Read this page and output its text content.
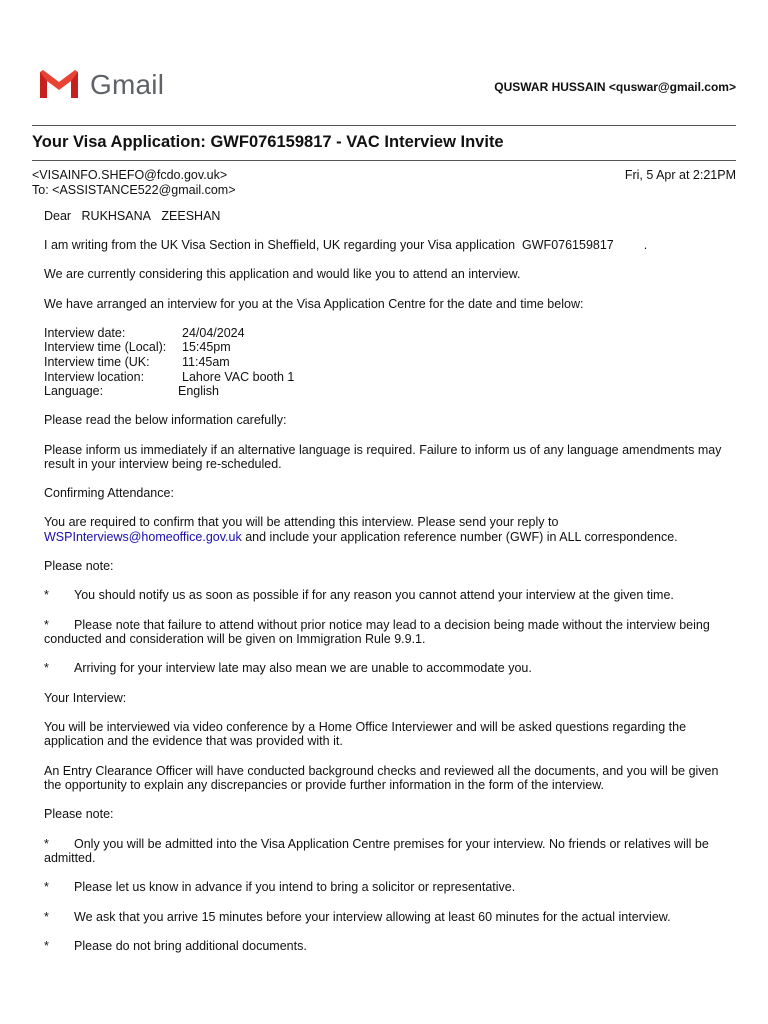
Gmail	QUSWAR HUSSAIN <quswar@gmail.com>
Your Visa Application: GWF076159817 - VAC Interview Invite
<VISAINFO.SHEFO@fcdo.gov.uk>
To: <ASSISTANCE522@gmail.com>
Fri, 5 Apr at 2:21PM

Dear RUKHSANA ZEESHAN

I am writing from the UK Visa Section in Sheffield, UK regarding your Visa application GWF076159817 .

We are currently considering this application and would like you to attend an interview.

We have arranged an interview for you at the Visa Application Centre for the date and time below:

Interview date:	24/04/2024
Interview time (Local):	15:45pm
Interview time (UK:	11:45am
Interview location:	Lahore VAC booth 1
Language:	English

Please read the below information carefully:

Please inform us immediately if an alternative language is required. Failure to inform us of any language amendments may result in your interview being re-scheduled.

Confirming Attendance:

You are required to confirm that you will be attending this interview. Please send your reply to
WSPInterviews@homeoffice.gov.uk and include your application reference number (GWF) in ALL correspondence.

Please note:

* You should notify us as soon as possible if for any reason you cannot attend your interview at the given time.

* Please note that failure to attend without prior notice may lead to a decision being made without the interview being conducted and consideration will be given on Immigration Rule 9.9.1.

* Arriving for your interview late may also mean we are unable to accommodate you.

Your Interview:

You will be interviewed via video conference by a Home Office Interviewer and will be asked questions regarding the application and the evidence that was provided with it.

An Entry Clearance Officer will have conducted background checks and reviewed all the documents, and you will be given the opportunity to explain any discrepancies or provide further information in the form of the interview.

Please note:

* Only you will be admitted into the Visa Application Centre premises for your interview. No friends or relatives will be admitted.

* Please let us know in advance if you intend to bring a solicitor or representative.

* We ask that you arrive 15 minutes before your interview allowing at least 60 minutes for the actual interview.

* Please do not bring additional documents.
